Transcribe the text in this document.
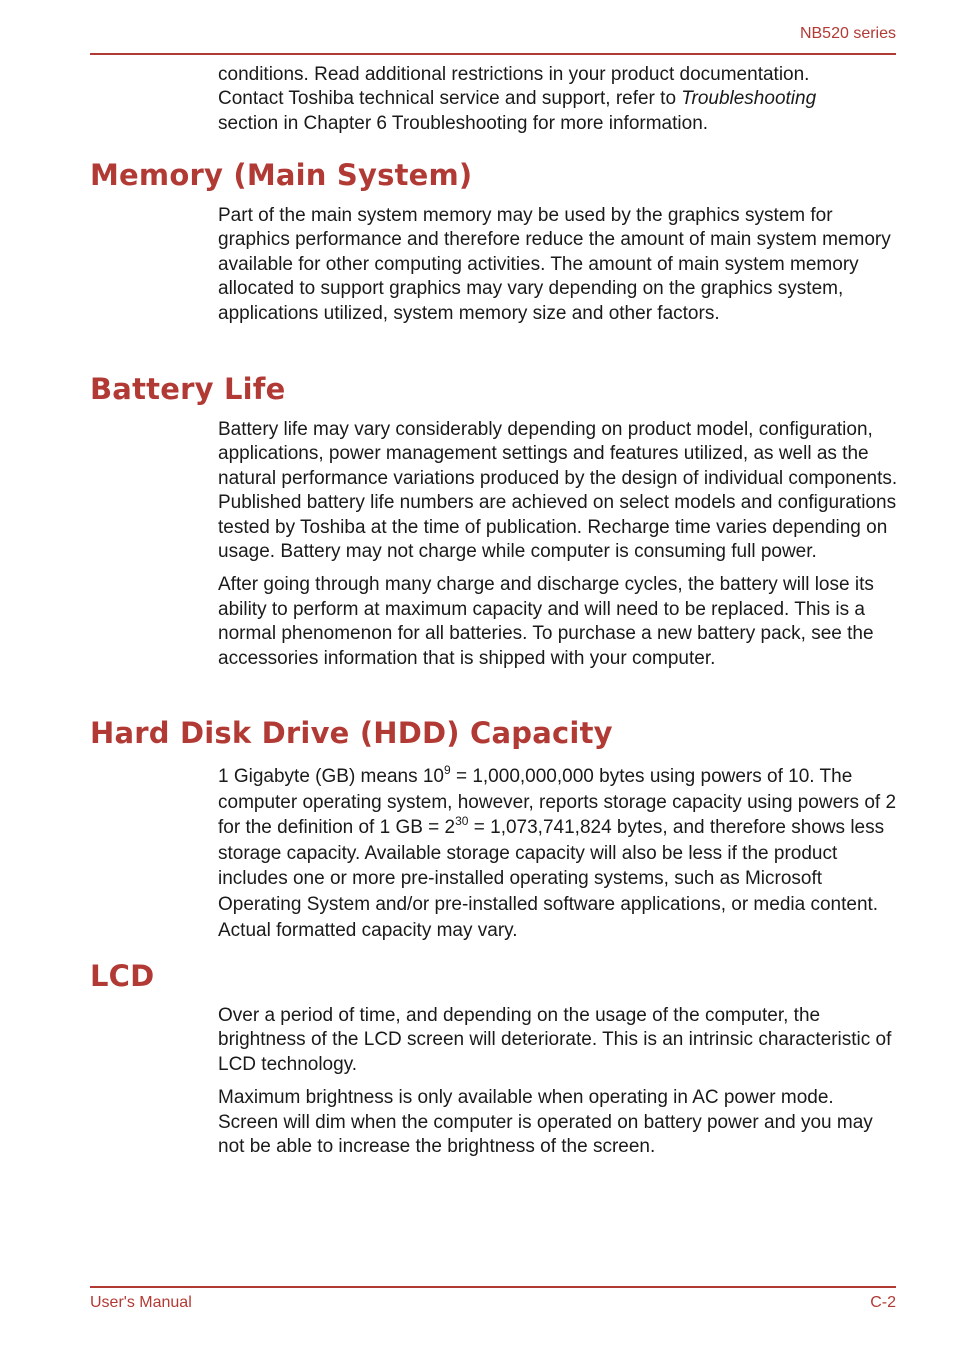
NB520 series

conditions. Read additional restrictions in your product documentation.

Contact Toshiba technical service and support, refer to Troubleshooting

section in Chapter 6 Troubleshooting for more information.

Memory (Main System)

Part of the main system memory may be used by the graphics system for graphics performance and therefore reduce the amount of main system memory available for other computing activities. The amount of main system memory allocated to support graphics may vary depending on the graphics system, applications utilized, system memory size and other factors.

Battery Life

Battery life may vary considerably depending on product model, configuration, applications, power management settings and features utilized, as well as the natural performance variations produced by the design of individual components. Published battery life numbers are achieved on select models and configurations tested by Toshiba at the time of publication. Recharge time varies depending on usage. Battery may not charge while computer is consuming full power.

After going through many charge and discharge cycles, the battery will lose its ability to perform at maximum capacity and will need to be replaced. This is a normal phenomenon for all batteries. To purchase a new battery pack, see the accessories information that is shipped with your computer.

Hard Disk Drive (HDD) Capacity

1 Gigabyte (GB) means $10^9 = 1,000,000,000$ bytes using powers of 10. The computer operating system, however, reports storage capacity using powers of 2 for the definition of 1 GB = $2^{30} = 1,073,741,824$ bytes, and therefore shows less storage capacity. Available storage capacity will also be less if the product includes one or more pre-installed operating systems, such as Microsoft Operating System and/or pre-installed software applications, or media content. Actual formatted capacity may vary.

LCD

Over a period of time, and depending on the usage of the computer, the brightness of the LCD screen will deteriorate. This is an intrinsic characteristic of LCD technology.

Maximum brightness is only available when operating in AC power mode. Screen will dim when the computer is operated on battery power and you may not be able to increase the brightness of the screen.

User's Manual	C-2
